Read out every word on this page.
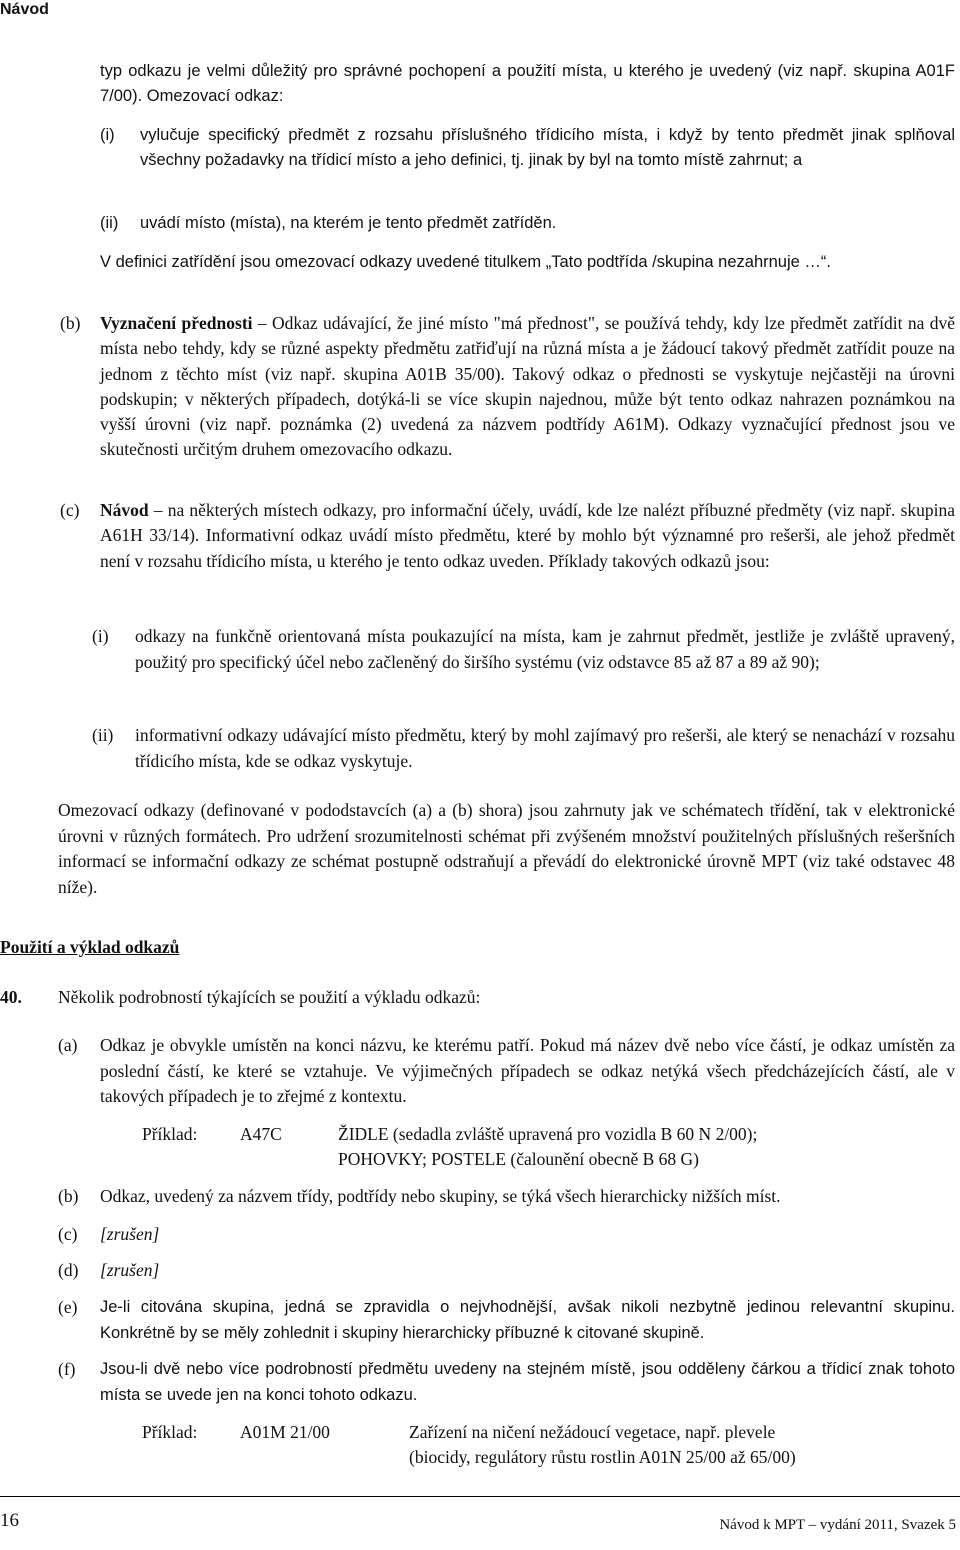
Návod
typ odkazu je velmi důležitý pro správné pochopení a použití místa, u kterého je uvedený (viz např. skupina A01F 7/00). Omezovací odkaz:
(i) vylučuje specifický předmět z rozsahu příslušného třídicího místa, i když by tento předmět jinak splňoval všechny požadavky na třídicí místo a jeho definici, tj. jinak by byl na tomto místě zahrnut; a
(ii) uvádí místo (místa), na kterém je tento předmět zatříděn.
V definici zatřídění jsou omezovací odkazy uvedené titulkem „Tato podtřída /skupina nezahrnuje …“.
(b) Vyznačení přednosti – Odkaz udávající, že jiné místo "má přednost", se používá tehdy, kdy lze předmět zatřídit na dvě místa nebo tehdy, kdy se různé aspekty předmětu zatřiďují na různá místa a je žádoucí takový předmět zatřídit pouze na jednom z těchto míst (viz např. skupina A01B 35/00). Takový odkaz o přednosti se vyskytuje nejčastěji na úrovni podskupin; v některých případech, dotýká-li se více skupin najednou, může být tento odkaz nahrazen poznámkou na vyšší úrovni (viz např. poznámka (2) uvedená za názvem podtřídy A61M). Odkazy vyznačující přednost jsou ve skutečnosti určitým druhem omezovacího odkazu.
(c) Návod – na některých místech odkazy, pro informační účely, uvádí, kde lze nalézt příbuzné předměty (viz např. skupina A61H 33/14). Informativní odkaz uvádí místo předmětu, které by mohlo být významné pro rešerši, ale jehož předmět není v rozsahu třídicího místa, u kterého je tento odkaz uveden. Příklady takových odkazů jsou:
(i) odkazy na funkčně orientovaná místa poukazující na místa, kam je zahrnut předmět, jestliže je zvláště upravený, použitý pro specifický účel nebo začleněný do širšího systému (viz odstavce 85 až 87 a 89 až 90);
(ii) informativní odkazy udávající místo předmětu, který by mohl zajímavý pro rešerši, ale který se nenachází v rozsahu třídicího místa, kde se odkaz vyskytuje.
Omezovací odkazy (definované v pododstavcích (a) a (b) shora) jsou zahrnuty jak ve schématech třídění, tak v elektronické úrovni v různých formátech. Pro udržení srozumitelnosti schémat při zvýšeném množství použitelných příslušných rešeršních informací se informační odkazy ze schémat postupně odstraňují a převádí do elektronické úrovně MPT (viz také odstavec 48 níže).
Použití a výklad odkazů
40. Několik podrobností týkajících se použití a výkladu odkazů:
(a) Odkaz je obvykle umístěn na konci názvu, ke kterému patří. Pokud má název dvě nebo více částí, je odkaz umístěn za poslední částí, ke které se vztahuje. Ve výjimečných případech se odkaz netýká všech předcházejících částí, ale v takových případech je to zřejmé z kontextu.
Příklad: A47C	ŽIDLE (sedadla zvláště upravená pro vozidla B 60 N 2/00);
POHOVKY; POSTELE (čalounění obecně B 68 G)
(b) Odkaz, uvedený za názvem třídy, podtřídy nebo skupiny, se týká všech hierarchicky nižších míst.
(c) [zrušen]
(d) [zrušen]
(e) Je-li citována skupina, jedná se zpravidla o nejvhodnější, avšak nikoli nezbytně jedinou relevantní skupinu. Konkrétně by se měly zohlednit i skupiny hierarchicky příbuzné k citované skupině.
(f) Jsou-li dvě nebo více podrobností předmětu uvedeny na stejném místě, jsou odděleny čárkou a třídicí znak tohoto místa se uvede jen na konci tohoto odkazu.
Příklad: A01M 21/00	Zařízení na ničení nežádoucí vegetace, např. plevele
(biocidy, regulátory růstu rostlin A01N 25/00 až 65/00)
16	Návod k MPT – vydání 2011, Svazek 5
